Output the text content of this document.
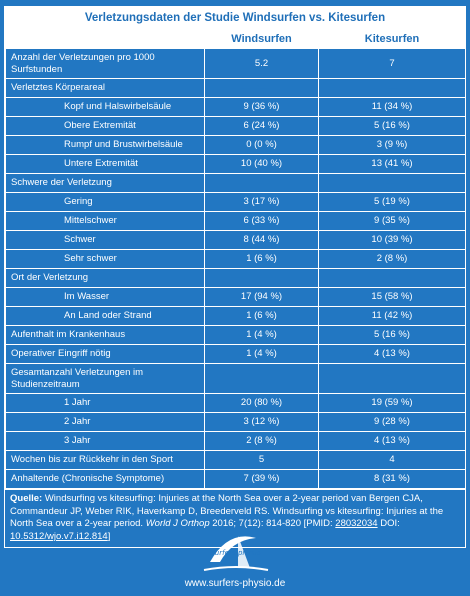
Verletzungsdaten der Studie Windsurfen vs. Kitesurfen
	Windsurfen	Kitesurfen
Anzahl der Verletzungen pro 1000 Surfstunden	5.2	7
Verletztes Körperareal		
Kopf und Halswirbelsäule	9 (36 %)	11 (34 %)
Obere Extremität	6 (24 %)	5 (16 %)
Rumpf und Brustwirbelsäule	0 (0 %)	3 (9 %)
Untere Extremität	10 (40 %)	13 (41 %)
Schwere der Verletzung		
Gering	3 (17 %)	5 (19 %)
Mittelschwer	6 (33 %)	9 (35 %)
Schwer	8 (44 %)	10 (39 %)
Sehr schwer	1 (6 %)	2 (8 %)
Ort der Verletzung		
Im Wasser	17 (94 %)	15 (58 %)
An Land oder Strand	1 (6 %)	11 (42 %)
Aufenthalt im Krankenhaus	1 (4 %)	5 (16 %)
Operativer Eingriff nötig	1 (4 %)	4 (13 %)
Gesamtanzahl Verletzungen im Studienzeitraum		
1 Jahr	20 (80 %)	19 (59 %)
2 Jahr	3 (12 %)	9 (28 %)
3 Jahr	2 (8 %)	4 (13 %)
Wochen bis zur Rückkehr in den Sport	5	4
Anhaltende (Chronische Symptome)	7 (39 %)	8 (31 %)
Quelle: Windsurfing vs kitesurfing: Injuries at the North Sea over a 2-year period van Bergen CJA, Commandeur JP, Weber RIK, Haverkamp D, Breederveld RS. Windsurfing vs kitesurfing: Injuries at the North Sea over a 2-year period. World J Orthop 2016; 7(12): 814-820 [PMID: 28032034 DOI: 10.5312/wjo.v7.i12.814]
surfers-physio
www.surfers-physio.de
